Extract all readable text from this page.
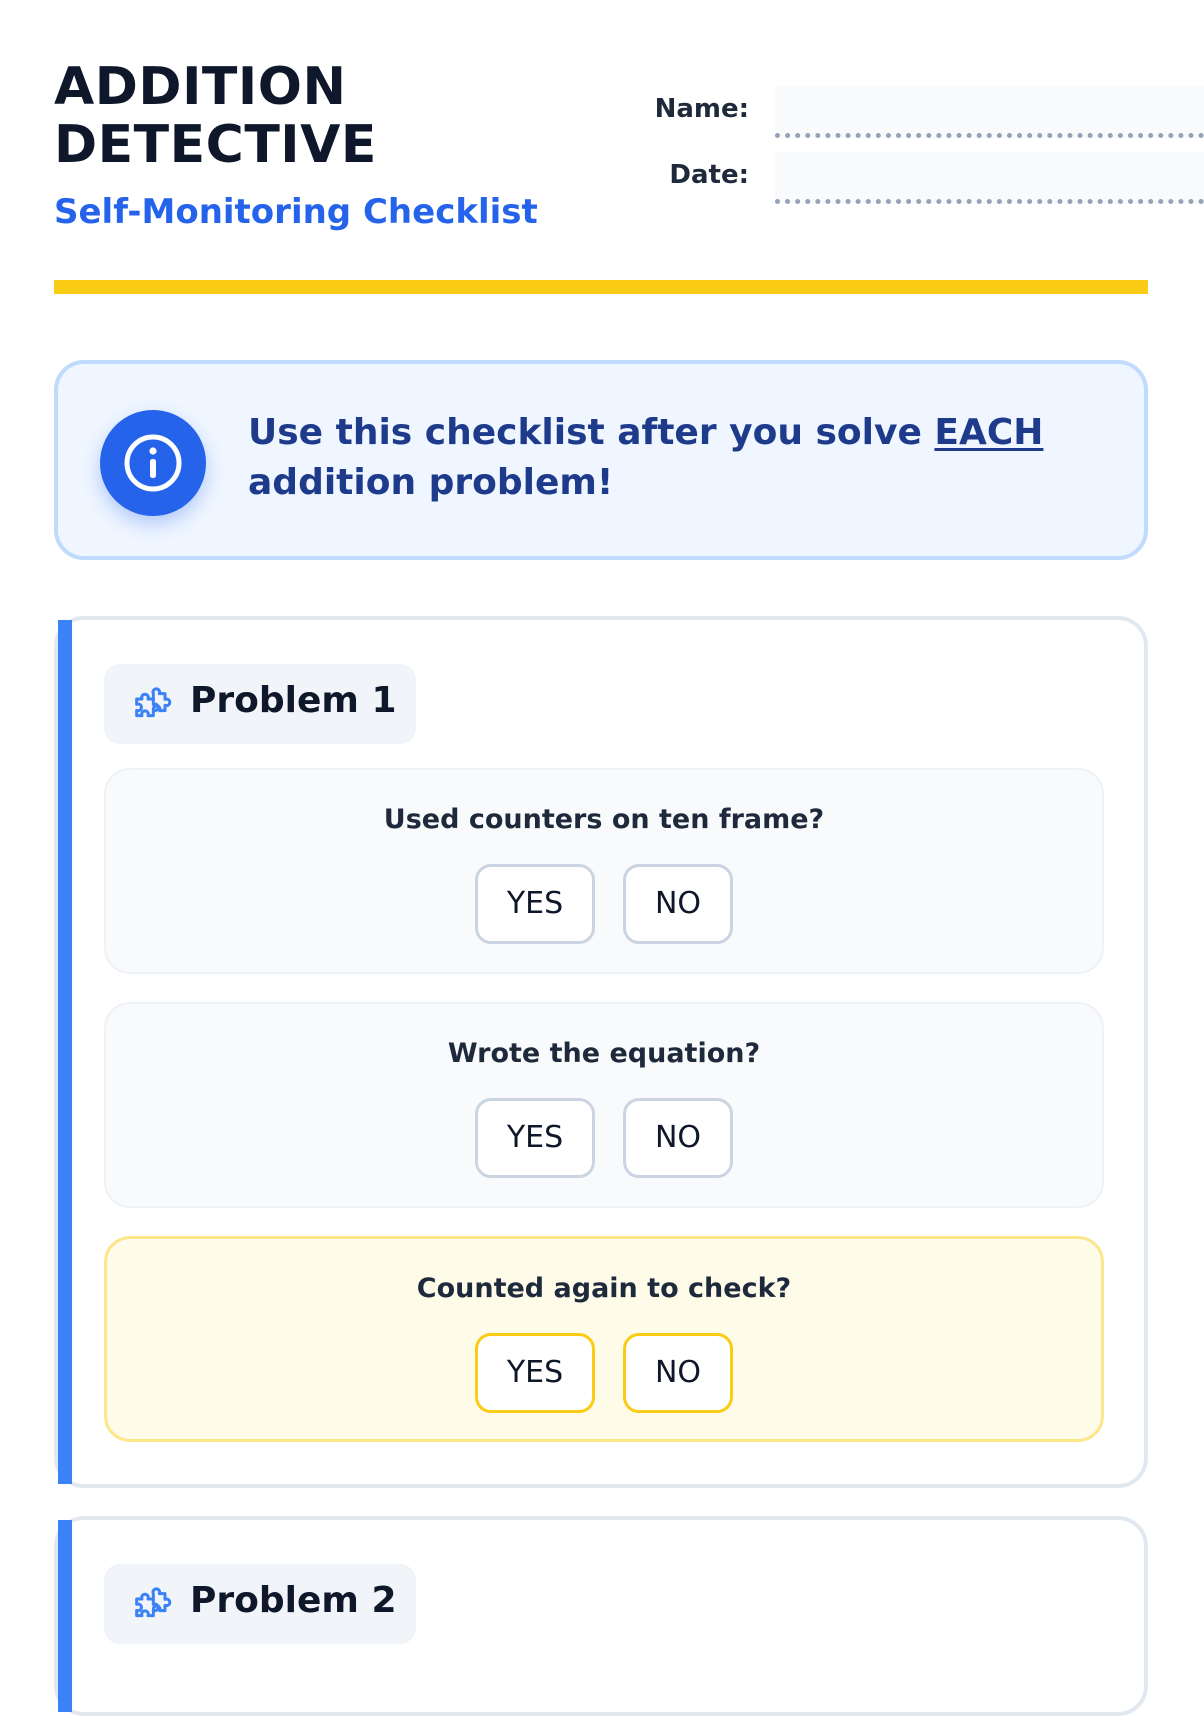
ADDITION
DETECTIVE
Self-Monitoring Checklist
Name:
Date:

Use this checklist after you solve EACH addition problem!

Problem 1
Used counters on ten frame?
YES	NO
Wrote the equation?
YES	NO
Counted again to check?
YES	NO
Problem 2
